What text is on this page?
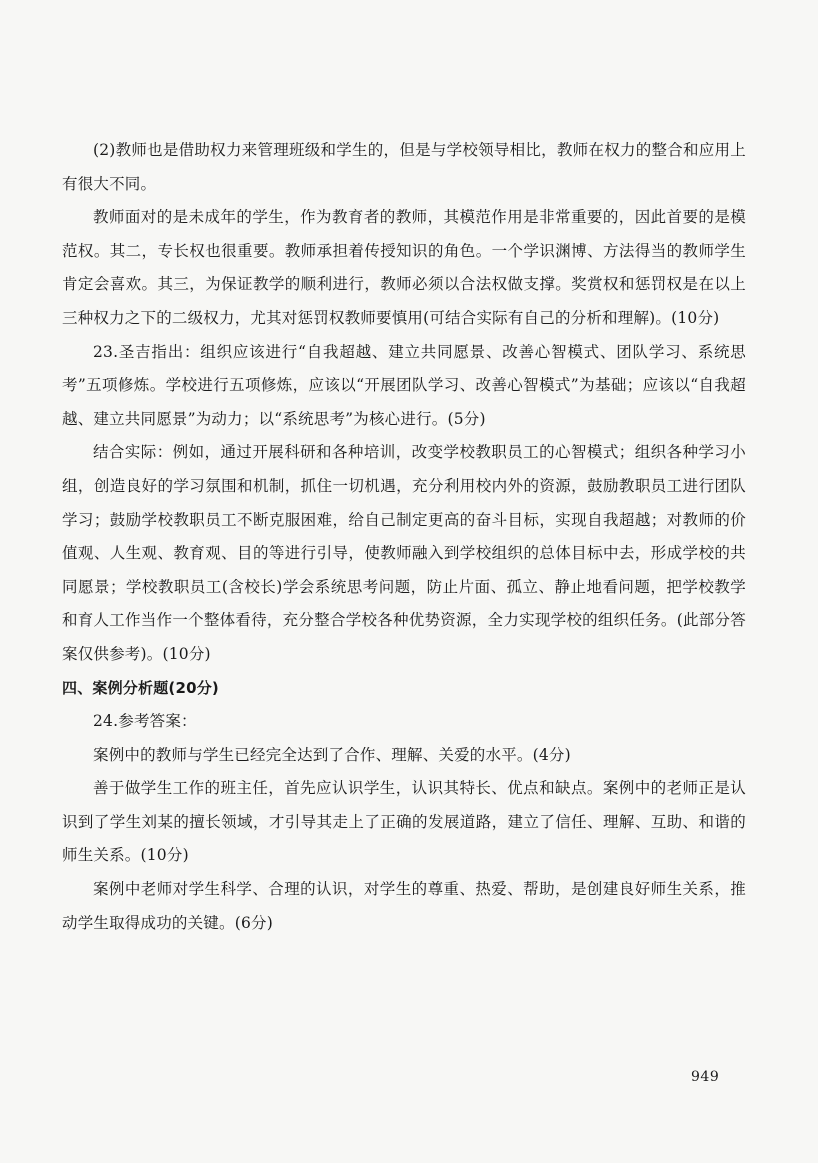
(2)教师也是借助权力来管理班级和学生的，但是与学校领导相比，教师在权力的整合和应用上有很大不同。

教师面对的是未成年的学生，作为教育者的教师，其模范作用是非常重要的，因此首要的是模范权。其二，专长权也很重要。教师承担着传授知识的角色。一个学识渊博、方法得当的教师学生肯定会喜欢。其三，为保证教学的顺利进行，教师必须以合法权做支撑。奖赏权和惩罚权是在以上三种权力之下的二级权力，尤其对惩罚权教师要慎用(可结合实际有自己的分析和理解)。(10分)

23.圣吉指出：组织应该进行“自我超越、建立共同愿景、改善心智模式、团队学习、系统思考”五项修炼。学校进行五项修炼，应该以“开展团队学习、改善心智模式”为基础；应该以“自我超越、建立共同愿景”为动力；以“系统思考”为核心进行。(5分)

结合实际：例如，通过开展科研和各种培训，改变学校教职员工的心智模式；组织各种学习小组，创造良好的学习氛围和机制，抓住一切机遇，充分利用校内外的资源，鼓励教职员工进行团队学习；鼓励学校教职员工不断克服困难，给自己制定更高的奋斗目标，实现自我超越；对教师的价值观、人生观、教育观、目的等进行引导，使教师融入到学校组织的总体目标中去，形成学校的共同愿景；学校教职员工(含校长)学会系统思考问题，防止片面、孤立、静止地看问题，把学校教学和育人工作当作一个整体看待，充分整合学校各种优势资源，全力实现学校的组织任务。(此部分答案仅供参考)。(10分)

四、案例分析题(20分)

24.参考答案：

案例中的教师与学生已经完全达到了合作、理解、关爱的水平。(4分)

善于做学生工作的班主任，首先应认识学生，认识其特长、优点和缺点。案例中的老师正是认识到了学生刘某的擅长领域，才引导其走上了正确的发展道路，建立了信任、理解、互助、和谐的师生关系。(10分)

案例中老师对学生科学、合理的认识，对学生的尊重、热爱、帮助，是创建良好师生关系，推动学生取得成功的关键。(6分)

949
